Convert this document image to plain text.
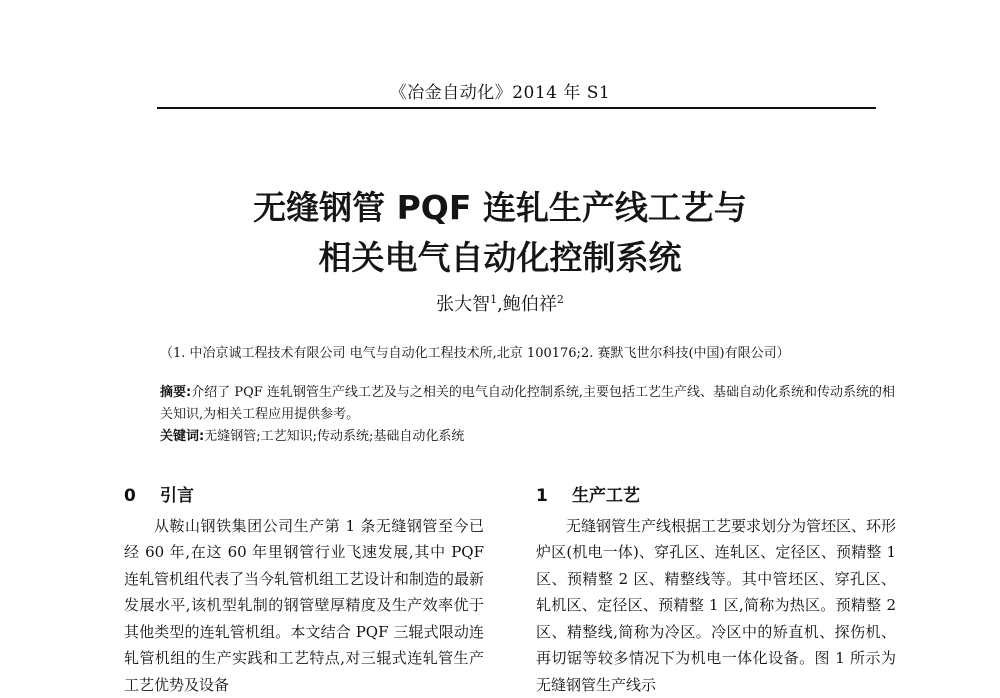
《冶金自动化》2014 年 S1
无缝钢管 PQF 连轧生产线工艺与
相关电气自动化控制系统
张大智$^1$,鲍伯祥$^2$
（1. 中冶京诚工程技术有限公司 电气与自动化工程技术所,北京 100176;2. 赛默飞世尔科技(中国)有限公司）

摘要:介绍了 PQF 连轧钢管生产线工艺及与之相关的电气自动化控制系统,主要包括工艺生产线、基础自动化系统和传动系统的相关知识,为相关工程应用提供参考。

关键词:无缝钢管;工艺知识;传动系统;基础自动化系统

0 引言

从鞍山钢铁集团公司生产第 1 条无缝钢管至今已经 60 年,在这 60 年里钢管行业飞速发展,其中 PQF 连轧管机组代表了当今轧管机组工艺设计和制造的最新发展水平,该机型轧制的钢管壁厚精度及生产效率优于其他类型的连轧管机组。本文结合 PQF 三辊式限动连轧管机组的生产实践和工艺特点,对三辊式连轧管生产工艺优势及设备

1 生产工艺

无缝钢管生产线根据工艺要求划分为管坯区、环形炉区(机电一体)、穿孔区、连轧区、定径区、预精整 1 区、预精整 2 区、精整线等。其中管坯区、穿孔区、轧机区、定径区、预精整 1 区,简称为热区。预精整 2 区、精整线,简称为冷区。冷区中的矫直机、探伤机、再切锯等较多情况下为机电一体化设备。图 1 所示为无缝钢管生产线示
